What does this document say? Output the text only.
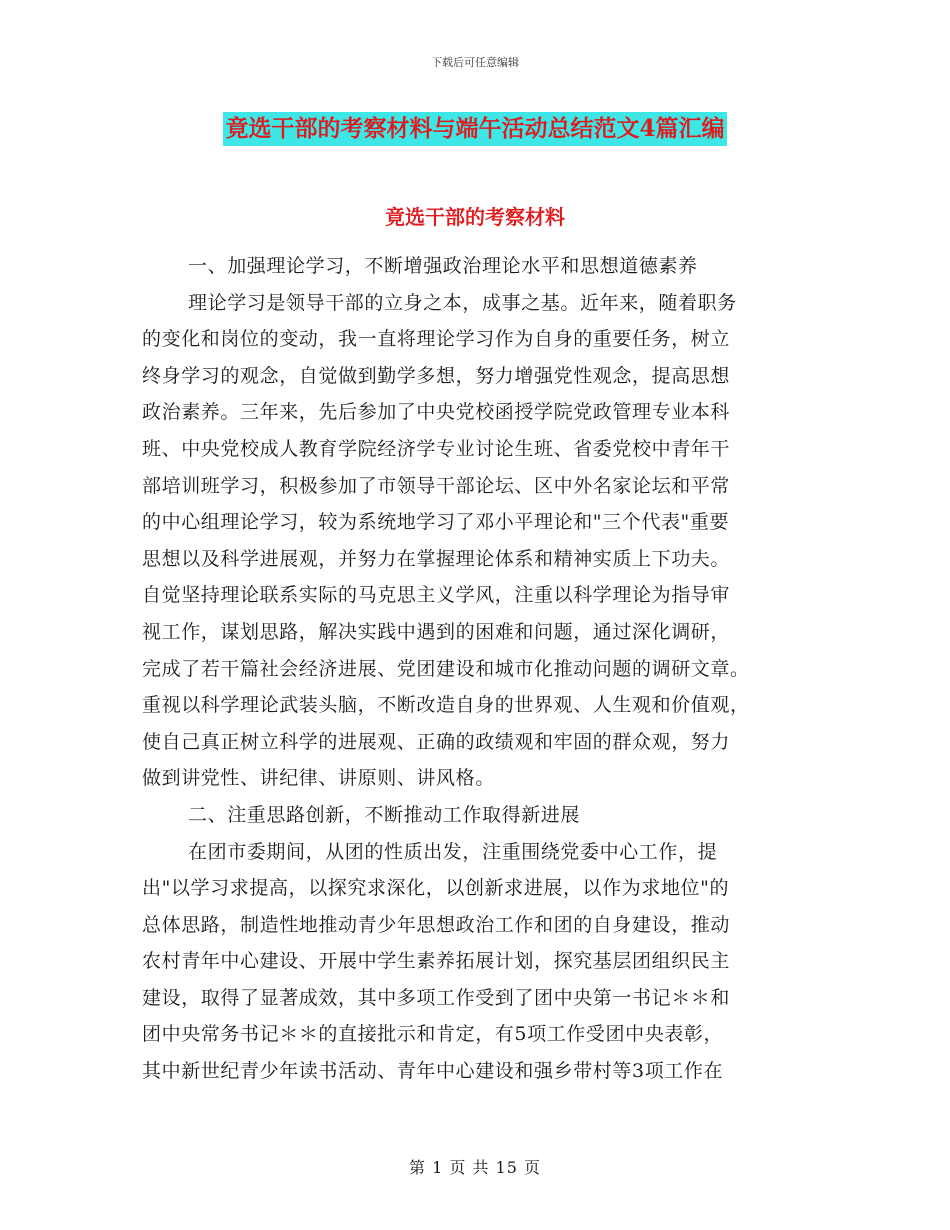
下载后可任意编辑
竟选干部的考察材料与端午活动总结范文4篇汇编
竟选干部的考察材料
一、加强理论学习，不断增强政治理论水平和思想道德素养
理论学习是领导干部的立身之本，成事之基。近年来，随着职务
的变化和岗位的变动，我一直将理论学习作为自身的重要任务，树立
终身学习的观念，自觉做到勤学多想，努力增强党性观念，提高思想
政治素养。三年来，先后参加了中央党校函授学院党政管理专业本科
班、中央党校成人教育学院经济学专业讨论生班、省委党校中青年干
部培训班学习，积极参加了市领导干部论坛、区中外名家论坛和平常
的中心组理论学习，较为系统地学习了邓小平理论和"三个代表"重要
思想以及科学进展观，并努力在掌握理论体系和精神实质上下功夫。
自觉坚持理论联系实际的马克思主义学风，注重以科学理论为指导审
视工作，谋划思路，解决实践中遇到的困难和问题，通过深化调研，
完成了若干篇社会经济进展、党团建设和城市化推动问题的调研文章。
重视以科学理论武装头脑，不断改造自身的世界观、人生观和价值观，
使自己真正树立科学的进展观、正确的政绩观和牢固的群众观，努力
做到讲党性、讲纪律、讲原则、讲风格。
二、注重思路创新，不断推动工作取得新进展
在团市委期间，从团的性质出发，注重围绕党委中心工作，提
出"以学习求提高，以探究求深化，以创新求进展，以作为求地位"的
总体思路，制造性地推动青少年思想政治工作和团的自身建设，推动
农村青年中心建设、开展中学生素养拓展计划，探究基层团组织民主
建设，取得了显著成效，其中多项工作受到了团中央第一书记＊＊和
团中央常务书记＊＊的直接批示和肯定，有5项工作受团中央表彰，
其中新世纪青少年读书活动、青年中心建设和强乡带村等3项工作在
第 1 页 共 15 页
